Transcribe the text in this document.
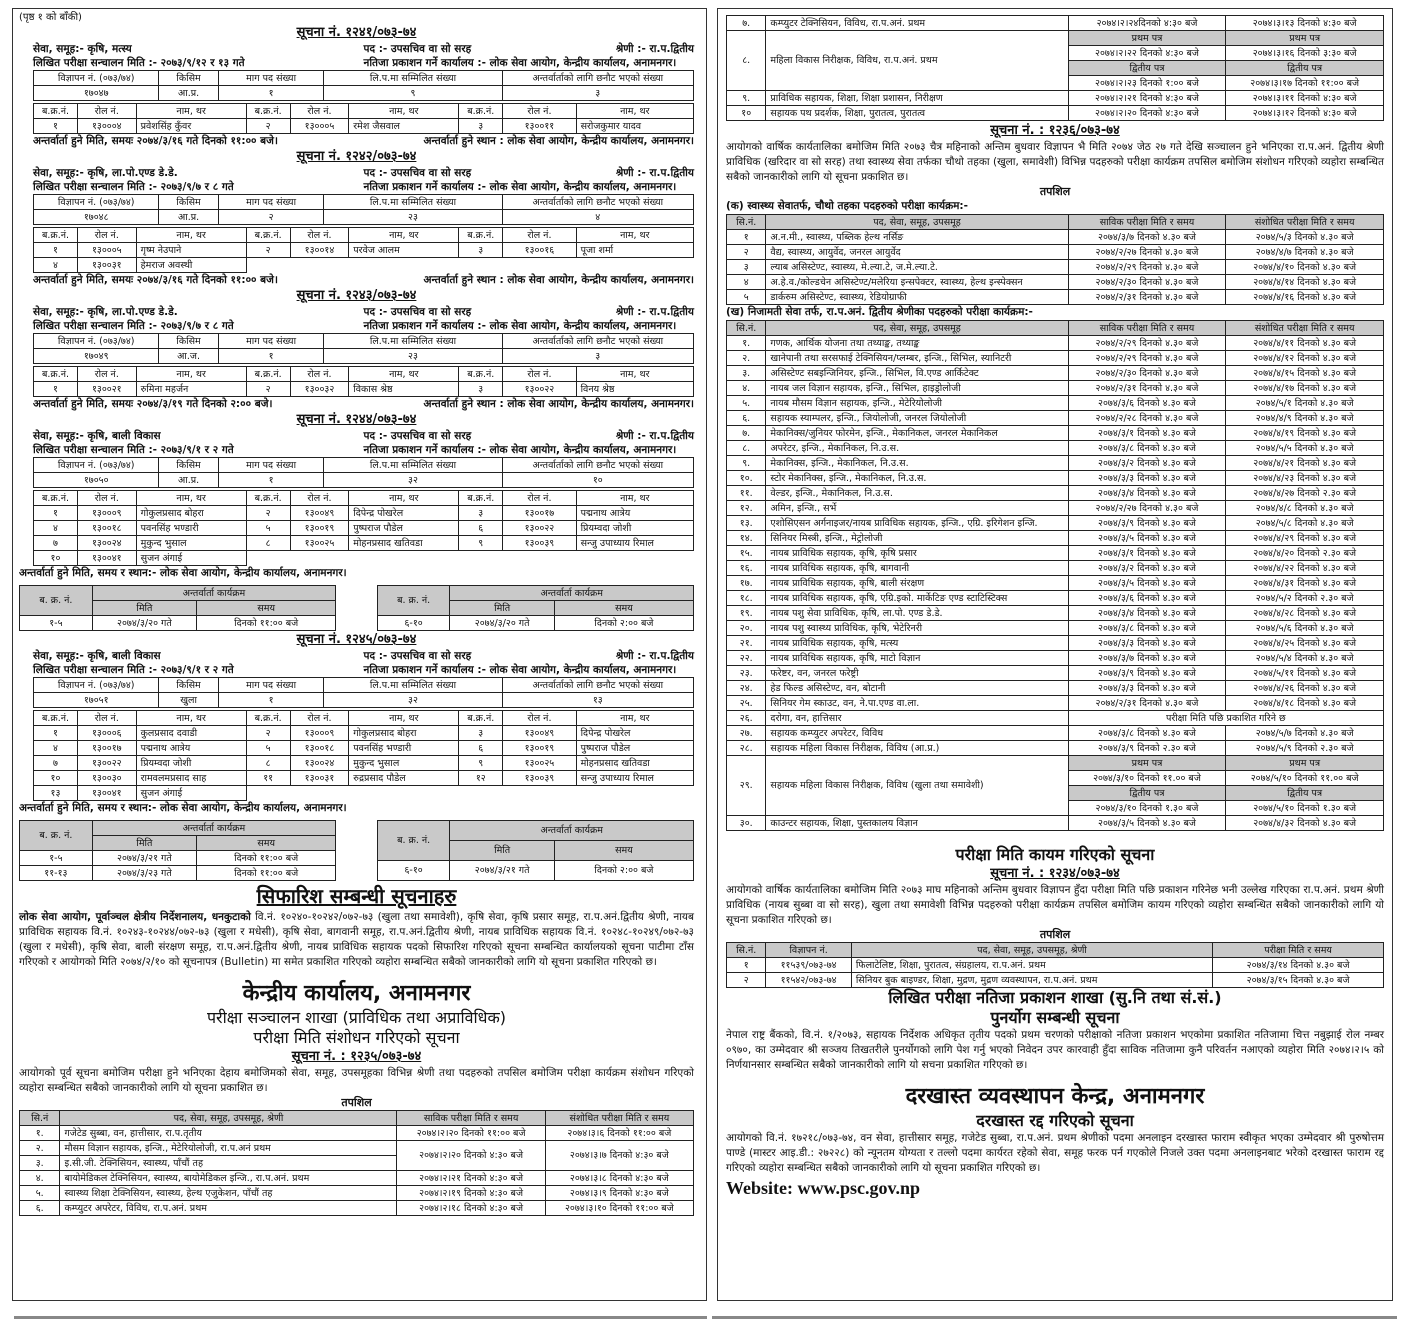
(पृष्ठ १ को बाँकी)
सूचना नं. १२४१/०७३-७४
सेवा, समूह:- कृषि, मत्स्य	पद :- उपसचिव वा सो सरह	श्रेणी :- रा.प.द्वितीय
लिखित परीक्षा सन्चालन मिति :- २०७३/९/१२ र १३ गते	नतिजा प्रकाशन गर्ने कार्यालय :- लोक सेवा आयोग, केन्द्रीय कार्यालय, अनामनगर।
विज्ञापन नं. (०७३/७४)	किसिम	माग पद संख्या	लि.प.मा सम्मिलित संख्या	अन्तर्वार्ताको लागि छनौट भएको संख्या
१७०४७	आ.प्र.	१	९	३
ब.क्र.नं.	रोल नं.	नाम, थर	ब.क्र.नं.	रोल नं.	नाम, थर	ब.क्र.नं.	रोल नं.	नाम, थर
१	१३०००४	प्रवेशसिंह कुँवर	२	१३०००५	रमेश जैसवाल	३	१३००११	सरोजकुमार यादव
अन्तर्वार्ता हुने मिति, समयः २०७४/३/१६ गते दिनको ११:०० बजे।	अन्तर्वार्ता हुने स्थान : लोक सेवा आयोग, केन्द्रीय कार्यालय, अनामनगर।
सूचना नं. १२४२/०७३-७४
सेवा, समूह:- कृषि, ला.पो.एण्ड डे.डे.	पद :- उपसचिव वा सो सरह	श्रेणी :- रा.प.द्वितीय
लिखित परीक्षा सन्चालन मिति :- २०७३/९/७ र ८ गते	नतिजा प्रकाशन गर्ने कार्यालय :- लोक सेवा आयोग, केन्द्रीय कार्यालय, अनामनगर।
विज्ञापन नं. (०७३/७४)	किसिम	माग पद संख्या	लि.प.मा सम्मिलित संख्या	अन्तर्वार्ताको लागि छनौट भएको संख्या
१७०४८	आ.प्र.	२	२३	४
ब.क्र.नं.	रोल नं.	नाम, थर	ब.क्र.नं.	रोल नं.	नाम, थर	ब.क्र.नं.	रोल नं.	नाम, थर
१	१३०००५	गृष्म नेउपाने	२	१३००१४	परवेज आलम	३	१३००१६	पूजा शर्मा
४	१३००३१	हेमराज अवस्थी						
अन्तर्वार्ता हुने मिति, समयः २०७४/३/१६ गते दिनको ११:०० बजे।	अन्तर्वार्ता हुने स्थान : लोक सेवा आयोग, केन्द्रीय कार्यालय, अनामनगर।
सूचना नं. १२४३/०७३-७४
सेवा, समूह:- कृषि, ला.पो.एण्ड डे.डे.	पद :- उपसचिव वा सो सरह	श्रेणी :- रा.प.द्वितीय
लिखित परीक्षा सन्चालन मिति :- २०७३/९/७ र ८ गते	नतिजा प्रकाशन गर्ने कार्यालय :- लोक सेवा आयोग, केन्द्रीय कार्यालय, अनामनगर।
विज्ञापन नं. (०७३/७४)	किसिम	माग पद संख्या	लि.प.मा सम्मिलित संख्या	अन्तर्वार्ताको लागि छनौट भएको संख्या
१७०४९	आ.ज.	१	२३	३
ब.क्र.नं.	रोल नं.	नाम, थर	ब.क्र.नं.	रोल नं.	नाम, थर	ब.क्र.नं.	रोल नं.	नाम, थर
१	१३००२१	रुमिना महर्जन	२	१३००३२	विकास श्रेष्ठ	३	१३००२२	विनय श्रेष्ठ
अन्तर्वार्ता हुने मिति, समयः २०७४/३/१९ गते दिनको २:०० बजे।	अन्तर्वार्ता हुने स्थान : लोक सेवा आयोग, केन्द्रीय कार्यालय, अनामनगर।
सूचना नं. १२४४/०७३-७४
सेवा, समूह:- कृषि, बाली विकास	पद :- उपसचिव वा सो सरह	श्रेणी :- रा.प.द्वितीय
लिखित परीक्षा सन्चालन मिति :- २०७३/९/१ र २ गते	नतिजा प्रकाशन गर्ने कार्यालय :- लोक सेवा आयोग, केन्द्रीय कार्यालय, अनामनगर।
विज्ञापन नं. (०७३/७४)	किसिम	माग पद संख्या	लि.प.मा सम्मिलित संख्या	अन्तर्वार्ताको लागि छनौट भएको संख्या
१७०५०	आ.प्र.	१	३२	१०
ब.क्र.नं.	रोल नं.	नाम, थर	ब.क्र.नं.	रोल नं.	नाम, थर	ब.क्र.नं.	रोल नं.	नाम, थर
१	१३०००९	गोकुलप्रसाद बोहरा	२	१३००४९	दिपेन्द्र पोखरेल	३	१३००१७	पद्मनाथ आत्रेय
४	१३००१८	पवनसिंह भण्डारी	५	१३००१९	पुष्पराज पौडेल	६	१३००२२	प्रियम्वदा जोशी
७	१३००२४	मुकुन्द भुसाल	८	१३००२५	मोहनप्रसाद खतिवडा	९	१३००३९	सन्जु उपाध्याय रिमाल
१०	१३००४१	सुजन अंगाई						
अन्तर्वार्ता हुने मिति, समय र स्थान:- लोक सेवा आयोग, केन्द्रीय कार्यालय, अनामनगर।
ब. क्र. नं.	अन्तर्वार्ता कार्यक्रम	
	मिति	समय
१-५	२०७४/३/२० गते	दिनको ११:०० बजे
ब. क्र. नं.	अन्तर्वार्ता कार्यक्रम	
	मिति	समय
६-१०	२०७४/३/२० गते	दिनको २:०० बजे
सूचना नं. १२४५/०७३-७४
सेवा, समूह:- कृषि, बाली विकास	पद :- उपसचिव वा सो सरह	श्रेणी :- रा.प.द्वितीय
लिखित परीक्षा सन्चालन मिति :- २०७३/९/१ र २ गते	नतिजा प्रकाशन गर्ने कार्यालय :- लोक सेवा आयोग, केन्द्रीय कार्यालय, अनामनगर।
विज्ञापन नं. (०७३/७४)	किसिम	माग पद संख्या	लि.प.मा सम्मिलित संख्या	अन्तर्वार्ताको लागि छनौट भएको संख्या
१७०५१	खुला	१	३२	१३
ब.क्र.नं.	रोल नं.	नाम, थर	ब.क्र.नं.	रोल नं.	नाम, थर	ब.क्र.नं.	रोल नं.	नाम, थर
१	१३०००६	कुलप्रसाद दवाडी	२	१३०००९	गोकुलप्रसाद बोहरा	३	१३००४९	दिपेन्द्र पोखरेल
४	१३००१७	पद्मनाथ आत्रेय	५	१३००१८	पवनसिंह भण्डारी	६	१३००१९	पुष्पराज पौडेल
७	१३००२२	प्रियम्वदा जोशी	८	१३००२४	मुकुन्द भुसाल	९	१३००२५	मोहनप्रसाद खतिवडा
१०	१३००३०	रामवलमप्रसाद साह	११	१३००३१	रुद्रप्रसाद पौडेल	१२	१३००३९	सन्जु उपाध्याय रिमाल
१३	१३००४१	सुजन अंगाई						
अन्तर्वार्ता हुने मिति, समय र स्थान:- लोक सेवा आयोग, केन्द्रीय कार्यालय, अनामनगर।
ब. क्र. नं.	अन्तर्वार्ता कार्यक्रम	
	मिति	समय
१-५	२०७४/३/२१ गते	दिनको ११:०० बजे
११-१३	२०७४/३/२३ गते	दिनको ११:०० बजे
ब. क्र. नं.	अन्तर्वार्ता कार्यक्रम	
	मिति	समय
६-१०	२०७४/३/२१ गते	दिनको २:०० बजे
सिफारिश सम्बन्धी सूचनाहरु
लोक सेवा आयोग, पूर्वाञ्चल क्षेत्रीय निर्देशनालय, धनकुटाको वि.नं. १०२४०-१०२४२/०७२-७३ (खुला तथा समावेशी), कृषि सेवा, कृषि प्रसार समूह, रा.प.अनं.द्वितीय श्रेणी, नायब प्राविधिक सहायक वि.नं. १०२४३-१०२४४/०७२-७३ (खुला र मधेसी), कृषि सेवा, बागवानी समूह, रा.प.अनं.द्वितीय श्रेणी, नायब प्राविधिक सहायक वि.नं. १०२४८-१०२४९/०७२-७३ (खुला र मधेसी), कृषि सेवा, बाली संरक्षण समूह, रा.प.अनं.द्वितीय श्रेणी, नायब प्राविधिक सहायक पदको सिफारिश गरिएको सूचना सम्बन्धित कार्यालयको सूचना पाटीमा टाँस गरिएको र आयोगको मिति २०७४/२/१० को सूचनापत्र (Bulletin) मा समेत प्रकाशित गरिएको व्यहोरा सम्बन्धित सबैको जानकारीको लागि यो सूचना प्रकाशित गरिएको छ।
केन्द्रीय कार्यालय, अनामनगर
परीक्षा सञ्चालन शाखा (प्राविधिक तथा अप्राविधिक)
परीक्षा मिति संशोधन गरिएको सूचना
सूचना नं. : १२३५/०७३-७४
आयोगको पूर्व सूचना बमोजिम परीक्षा हुने भनिएका देहाय बमोजिमको सेवा, समूह, उपसमूहका विभिन्न श्रेणी तथा पदहरुको तपसिल बमोजिम परीक्षा कार्यक्रम संशोधन गरिएको व्यहोरा सम्बन्धित सबैको जानकारीको लागि यो सूचना प्रकाशित छ।
तपशिल
सि.नं	पद, सेवा, समूह, उपसमूह, श्रेणी	साविक परीक्षा मिति र समय	संशोधित परीक्षा मिति र समय
१.	गजेटेड सुब्बा, वन, हात्तीसार, रा.प.तृतीय	२०७४।२।२० दिनको ११:०० बजे	२०७४।३।६ दिनको ११:०० बजे
२.	मौसम विज्ञान सहायक, इन्जि., मेटेरियोलोजी, रा.प.अनं प्रथम	२०७४।२।२० दिनको ४:३० बजे	२०७४।३।७ दिनको ४:३० बजे
३.	इ.सी.जी. टेक्निसियन, स्वास्थ्य, पाँचौं तह		
४.	बायोमेडिकल टेक्निसियन, स्वास्थ्य, बायोमेडिकल इन्जि., रा.प.अनं. प्रथम	२०७४।२।२१ दिनको ४:३० बजे	२०७४।३।८ दिनको ४:३० बजे
५.	स्वास्थ्य शिक्षा टेक्निसियन, स्वास्थ्य, हेल्थ एजुकेशन, पाँचौं तह	२०७४।२।१९ दिनको ४:३० बजे	२०७४।३।९ दिनको ४:३० बजे
६.	कम्प्युटर अपरेटर, विविध, रा.प.अनं. प्रथम	२०७४।२।१८ दिनको ४:३० बजे	२०७४।३।१० दिनको ११:०० बजे
७.	कम्प्युटर टेक्निसियन, विविध, रा.प.अनं. प्रथम	२०७४।२।२४दिनको ४:३० बजे	२०७४।३।१३ दिनको ४:३० बजे
८.	महिला विकास निरीक्षक, विविध, रा.प.अनं. प्रथम	प्रथम पत्र	प्रथम पत्र
		२०७४।२।२२ दिनको ४:३० बजे	२०७४।३।१६ दिनको ३:३० बजे
		द्वितीय पत्र	द्वितीय पत्र
		२०७४।२।२३ दिनको १:०० बजे	२०७४।३।१७ दिनको ११:०० बजे
९.	प्राविधिक सहायक, शिक्षा, शिक्षा प्रशासन, निरीक्षण	२०७४।२।२१ दिनको ४:३० बजे	२०७४।३।११ दिनको ४:३० बजे
१०	सहायक पथ प्रदर्शक, शिक्षा, पुरातत्व, पुरातत्व	२०७४।२।२० दिनको ४:३० बजे	२०७४।३।१२ दिनको ४:३० बजे
सूचना नं. : १२३६/०७३-७४
आयोगको वार्षिक कार्यतालिका बमोजिम मिति २०७३ चैत्र महिनाको अन्तिम बुधवार विज्ञापन भै मिति २०७४ जेठ २७ गते देखि सञ्चालन हुने भनिएका रा.प.अनं. द्वितीय श्रेणी प्राविधिक (खरिदार वा सो सरह) तथा स्वास्थ्य सेवा तर्फका चौथो तहका (खुला, समावेशी) विभिन्न पदहरुको परीक्षा कार्यक्रम तपसिल बमोजिम संशोधन गरिएको व्यहोरा सम्बन्धित सबैको जानकारीको लागि यो सूचना प्रकाशित छ।
तपशिल
(क) स्वास्थ्य सेवातर्फ, चौथो तहका पदहरुको परीक्षा कार्यक्रम:-
सि.नं.	पद, सेवा, समूह, उपसमूह	साविक परीक्षा मिति र समय	संशोधित परीक्षा मिति र समय
१	अ.न.मी., स्वास्थ्य, पब्लिक हेल्थ नर्सिङ	२०७४/३/७ दिनको ४.३० बजे	२०७४/५/३ दिनको ४.३० बजे
२	वैद्य, स्वास्थ्य, आयुर्वेद, जनरल आयुर्वेद	२०७४/२/२७ दिनको ४.३० बजे	२०७४/४/७ दिनको ४.३० बजे
३	ल्याब असिस्टेण्ट, स्वास्थ्य, मे.ल्या.टे, ज.मे.ल्या.टे.	२०७४/२/२९ दिनको ४.३० बजे	२०७४/४/१० दिनको ४.३० बजे
४	अ.हे.व./कोल्डचेन असिस्टेण्ट/मलेरिया इन्सपेक्टर, स्वास्थ्य, हेल्थ इन्स्पेक्सन	२०७४/२/३० दिनको ४.३० बजे	२०७४/४/१४ दिनको ४.३० बजे
५	डार्करुम असिस्टेण्ट, स्वास्थ्य, रेडियोग्राफी	२०७४/२/३१ दिनको ४.३० बजे	२०७४/४/१६ दिनको ४.३० बजे
(ख) निजामती सेवा तर्फ, रा.प.अनं. द्वितीय श्रेणीका पदहरुको परीक्षा कार्यक्रम:-
सि.नं.	पद, सेवा, समूह, उपसमूह	साविक परीक्षा मिति र समय	संशोधित परीक्षा मिति र समय
१.	गणक, आर्थिक योजना तथा तथ्याङ्क, तथ्याङ्क	२०७४/२/२९ दिनको ४.३० बजे	२०७४/४/११ दिनको ४.३० बजे
२.	खानेपानी तथा सरसफाई टेक्निसियन/प्लम्बर, इन्जि., सिभिल, स्यानिटरी	२०७४/२/२९ दिनको ४.३० बजे	२०७४/४/१२ दिनको ४.३० बजे
३.	असिस्टेण्ट सबइन्जिनियर, इन्जि., सिभिल, वि.एण्ड आर्किटेक्ट	२०७४/२/३० दिनको ४.३० बजे	२०७४/४/१५ दिनको ४.३० बजे
४.	नायब जल विज्ञान सहायक, इन्जि., सिभिल, हाइड्रोलोजी	२०७४/२/३१ दिनको ४.३० बजे	२०७४/४/१७ दिनको ४.३० बजे
५.	नायब मौसम विज्ञान सहायक, इन्जि., मेटेरियोलोजी	२०७४/३/६ दिनको ४.३० बजे	२०७४/५/१ दिनको ४.३० बजे
६.	सहायक स्याम्पलर, इन्जि., जियोलोजी, जनरल जियोलोजी	२०७४/२/२८ दिनको ४.३० बजे	२०७४/४/९ दिनको ४.३० बजे
७.	मेकानिक्स/जुनियर फोरमेन, इन्जि., मेकानिकल, जनरल मेकानिकल	२०७४/३/१ दिनको ४.३० बजे	२०७४/४/१९ दिनको ४.३० बजे
८.	अपरेटर, इन्जि., मेकानिकल, नि.उ.स.	२०७४/३/८ दिनको ४.३० बजे	२०७४/५/५ दिनको ४.३० बजे
९.	मेकानिक्स, इन्जि., मेकानिकल, नि.उ.स.	२०७४/३/२ दिनको ४.३० बजे	२०७४/४/२१ दिनको ४.३० बजे
१०.	स्टोर मेकानिक्स, इन्जि., मेकानिकल, नि.उ.स.	२०७४/३/३ दिनको ४.३० बजे	२०७४/४/२३ दिनको ४.३० बजे
११.	वेल्डर, इन्जि., मेकानिकल, नि.उ.स.	२०७४/३/४ दिनको ४.३० बजे	२०७४/४/२७ दिनको २.३० बजे
१२.	अमिन, इन्जि., सर्भे	२०७४/२/२७ दिनको ४.३० बजे	२०७४/४/८ दिनको ४.३० बजे
१३.	एशोसिएसन अर्गनाइजर/नायब प्राविधिक सहायक, इन्जि., एग्रि. इरिगेशन इन्जि.	२०७४/३/९ दिनको ४.३० बजे	२०७४/५/८ दिनको ४.३० बजे
१४.	सिनियर मिस्त्री, इन्जि., मेट्रोलोजी	२०७४/३/५ दिनको ४.३० बजे	२०७४/४/२९ दिनको ४.३० बजे
१५.	नायब प्राविधिक सहायक, कृषि, कृषि प्रसार	२०७४/३/१ दिनको ४.३० बजे	२०७४/४/२० दिनको २.३० बजे
१६.	नायब प्राविधिक सहायक, कृषि, बागवानी	२०७४/३/२ दिनको ४.३० बजे	२०७४/४/२२ दिनको ४.३० बजे
१७.	नायब प्राविधिक सहायक, कृषि, बाली संरक्षण	२०७४/३/५ दिनको ४.३० बजे	२०७४/४/३१ दिनको ४.३० बजे
१८.	नायब प्राविधिक सहायक, कृषि, एग्रि.इको. मार्केटिङ एण्ड स्टाटिस्टिक्स	२०७४/३/६ दिनको ४.३० बजे	२०७४/५/२ दिनको २.३० बजे
१९.	नायब पशु सेवा प्राविधिक, कृषि, ला.पो. एण्ड डे.डे.	२०७४/३/४ दिनको ४.३० बजे	२०७४/४/२८ दिनको ४.३० बजे
२०.	नायब पशु स्वास्थ्य प्राविधिक, कृषि, भेटेरिनरी	२०७४/३/८ दिनको ४.३० बजे	२०७४/५/६ दिनको ४.३० बजे
२१.	नायब प्राविधिक सहायक, कृषि, मत्स्य	२०७४/३/३ दिनको ४.३० बजे	२०७४/४/२५ दिनको ४.३० बजे
२२.	नायब प्राविधिक सहायक, कृषि, माटो विज्ञान	२०७४/३/७ दिनको ४.३० बजे	२०७४/५/४ दिनको ४.३० बजे
२३.	फरेष्टर, वन, जनरल फरेष्ट्री	२०७४/३/९ दिनको ४.३० बजे	२०७४/५/११ दिनको ४.३० बजे
२४.	हेड फिल्ड असिस्टेण्ट, वन, बोटानी	२०७४/३/३ दिनको ४.३० बजे	२०७४/४/२६ दिनको ४.३० बजे
२५.	सिनियर गेम स्काउट, वन, ने.पा.एण्ड वा.ला.	२०७४/२/३१ दिनको ४.३० बजे	२०७४/४/१८ दिनको ४.३० बजे
२६.	दरोगा, वन, हात्तिसार	परीक्षा मिति पछि प्रकाशित गरिने छ	
२७.	सहायक कम्प्युटर अपरेटर, विविध	२०७४/३/८ दिनको ४.३० बजे	२०७४/५/७ दिनको ४.३० बजे
२८.	सहायक महिला विकास निरीक्षक, विविध (आ.प्र.)	२०७४/३/९ दिनको २.३० बजे	२०७४/५/९ दिनको २.३० बजे
२९.	सहायक महिला विकास निरीक्षक, विविध (खुला तथा समावेशी)	प्रथम पत्र	प्रथम पत्र
		२०७४/३/१० दिनको ११.०० बजे	२०७४/५/१० दिनको ११.०० बजे
		द्वितीय पत्र	द्वितीय पत्र
		२०७४/३/१० दिनको १.३० बजे	२०७४/५/१० दिनको १.३० बजे
३०.	काउन्टर सहायक, शिक्षा, पुस्तकालय विज्ञान	२०७४/३/५ दिनको ४.३० बजे	२०७४/४/३२ दिनको ४.३० बजे
परीक्षा मिति कायम गरिएको सूचना
सूचना नं. : १२३४/०७३-७४
आयोगको वार्षिक कार्यतालिका बमोजिम मिति २०७३ माघ महिनाको अन्तिम बुधवार विज्ञापन हुँदा परीक्षा मिति पछि प्रकाशन गरिनेछ भनी उल्लेख गरिएका रा.प.अनं. प्रथम श्रेणी प्राविधिक (नायब सुब्बा वा सो सरह), खुला तथा समावेशी विभिन्न पदहरुको परीक्षा कार्यक्रम तपसिल बमोजिम कायम गरिएको व्यहोरा सम्बन्धित सबैको जानकारीको लागि यो सूचना प्रकाशित गरिएको छ।
तपशिल
सि.नं.	विज्ञापन नं.	पद, सेवा, समूह, उपसमूह, श्रेणी	परीक्षा मिति र समय
१	११५३९/०७३-७४	फिलाटेलिष्ट, शिक्षा, पुरातत्व, संग्रहालय, रा.प.अनं. प्रथम	२०७४/३/१४ दिनको ४.३० बजे
२	११५४२/०७३-७४	सिनियर बुक बाइण्डर, शिक्षा, मुद्रण, मुद्रण व्यवस्थापन, रा.प.अनं. प्रथम	२०७४/३/१५ दिनको ४.३० बजे
लिखित परीक्षा नतिजा प्रकाशन शाखा (सु.नि तथा सं.सं.)
पुनर्योग सम्बन्धी सूचना
नेपाल राष्ट्र बैंकको, वि.नं. १/२०७३, सहायक निर्देशक अधिकृत तृतीय पदको प्रथम चरणको परीक्षाको नतिजा प्रकाशन भएकोमा प्रकाशित नतिजामा चित्त नबुझाई रोल नम्बर ०९७०, का उम्मेदवार श्री सञ्जय तिखतरीले पुनर्योगको लागि पेश गर्नु भएको निवेदन उपर कारवाही हुँदा साविक नतिजामा कुनै परिवर्तन नआएको व्यहोरा मिति २०७४।२।५ को निर्णयानसार सम्बन्धित सबैको जानकारीको लागि यो सचना प्रकाशित गरिएको छ।
दरखास्त व्यवस्थापन केन्द्र, अनामनगर
दरखास्त रद्द गरिएको सूचना
आयोगको वि.नं. १७२१८/०७३-७४, वन सेवा, हात्तीसार समूह, गजेटेड सुब्बा, रा.प.अनं. प्रथम श्रेणीको पदमा अनलाइन दरखास्त फाराम स्वीकृत भएका उम्मेदवार श्री पुरुषोत्तम पाण्डे (मास्टर आइ.डी.: २७२२८) को न्यूनतम योग्यता र तल्लो पदमा कार्यरत रहेको सेवा, समूह फरक पर्न गएकोले निजले उक्त पदमा अनलाइनबाट भरेको दरखास्त फाराम रद्द गरिएको व्यहोरा सम्बन्धित सबैको जानकारीको लागि यो सूचना प्रकाशित गरिएको छ।
Website: www.psc.gov.np
